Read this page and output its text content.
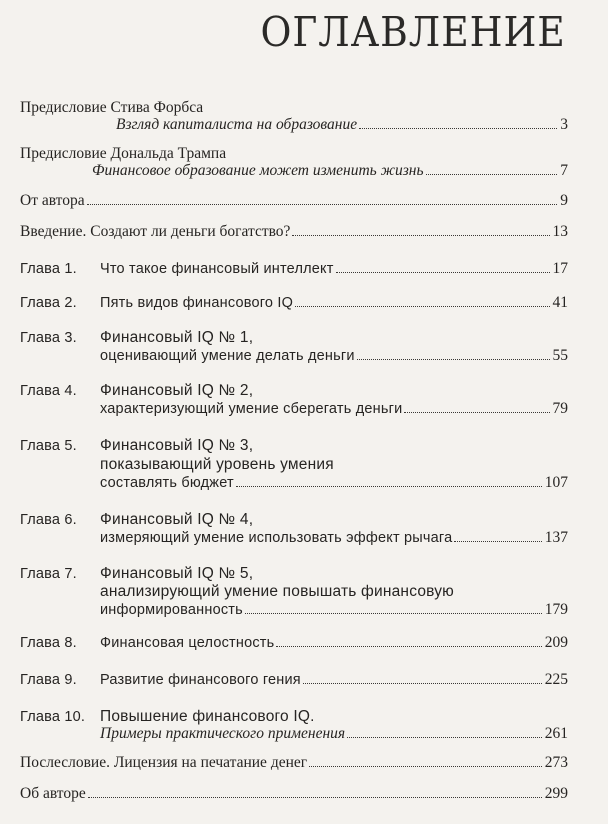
ОГЛАВЛЕНИЕ
Предисловие Стива Форбса
Взгляд капиталиста на образование	3
Предисловие Дональда Трампа
Финансовое образование может изменить жизнь	7
От автора	9
Введение. Создают ли деньги богатство?	13
Глава 1. Что такое финансовый интеллект	17
Глава 2. Пять видов финансового IQ	41
Глава 3. Финансовый IQ № 1,
оценивающий умение делать деньги	55
Глава 4. Финансовый IQ № 2,
характеризующий умение сберегать деньги	79
Глава 5. Финансовый IQ № 3,
показывающий уровень умения
составлять бюджет	107
Глава 6. Финансовый IQ № 4,
измеряющий умение использовать эффект рычага	137
Глава 7. Финансовый IQ № 5,
анализирующий умение повышать финансовую
информированность	179
Глава 8. Финансовая целостность	209
Глава 9. Развитие финансового гения	225
Глава 10. Повышение финансового IQ.
Примеры практического применения	261
Послесловие. Лицензия на печатание денег	273
Об авторе	299
